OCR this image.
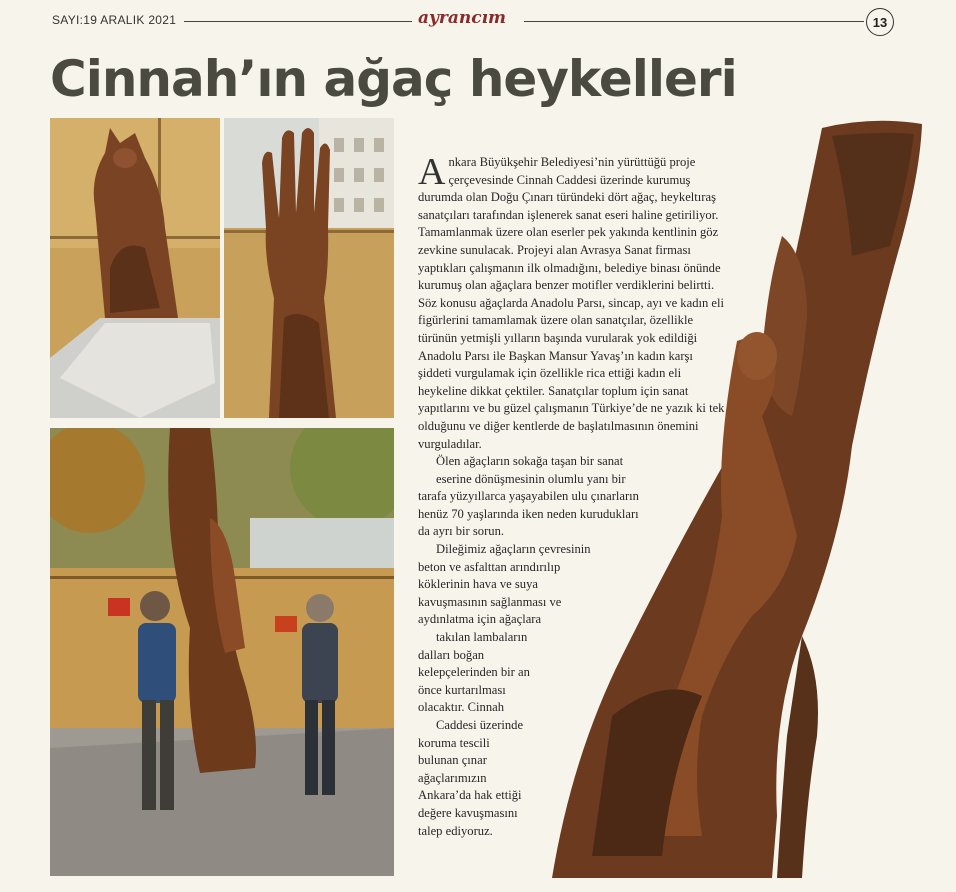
SAYI:19 ARALIK 2021	ayrancım	13
Cinnah’ın ağaç heykelleri

Ankara Büyükşehir Belediyesi’nin yürüttüğü proje çerçevesinde Cinnah Caddesi üzerinde kurumuş durumda olan Doğu Çınarı türündeki dört ağaç, heykeltıraş sanatçıları tarafından işlenerek sanat eseri haline getiriliyor. Tamamlanmak üzere olan eserler pek yakında kentlinin göz zevkine sunulacak. Projeyi alan Avrasya Sanat firması yaptıkları çalışmanın ilk olmadığını, belediye binası önünde kurumuş olan ağaçlara benzer motifler verdiklerini belirtti. Söz konusu ağaçlarda Anadolu Parsı, sincap, ayı ve kadın eli figürlerini tamamlamak üzere olan sanatçılar, özellikle türünün yetmişli yılların başında vurularak yok edildiği Anadolu Parsı ile Başkan Mansur Yavaş’ın kadın karşı şiddeti vurgulamak için özellikle rica ettiği kadın eli heykeline dikkat çektiler. Sanatçılar toplum için sanat yapıtlarını ve bu güzel çalışmanın Türkiye’de ne yazık ki tek olduğunu ve diğer kentlerde de başlatılmasının önemini vurguladılar.

Ölen ağaçların sokağa taşan bir sanat
eserine dönüşmesinin olumlu yanı bir tarafa yüzyıllarca yaşayabilen ulu çınarların henüz 70 yaşlarında iken neden kurudukları da ayrı bir sorun.

Dileğimiz ağaçların çevresinin beton ve asfalttan arındırılıp köklerinin hava ve suya kavuşmasının sağlanması ve aydınlatma için ağaçlara
takılan lambaların dalları boğan kelepçelerinden bir an önce kurtarılması olacaktır. Cinnah
Caddesi üzerinde koruma tescili bulunan çınar ağaçlarımızın Ankara’da hak ettiği değere kavuşmasını talep ediyoruz.
